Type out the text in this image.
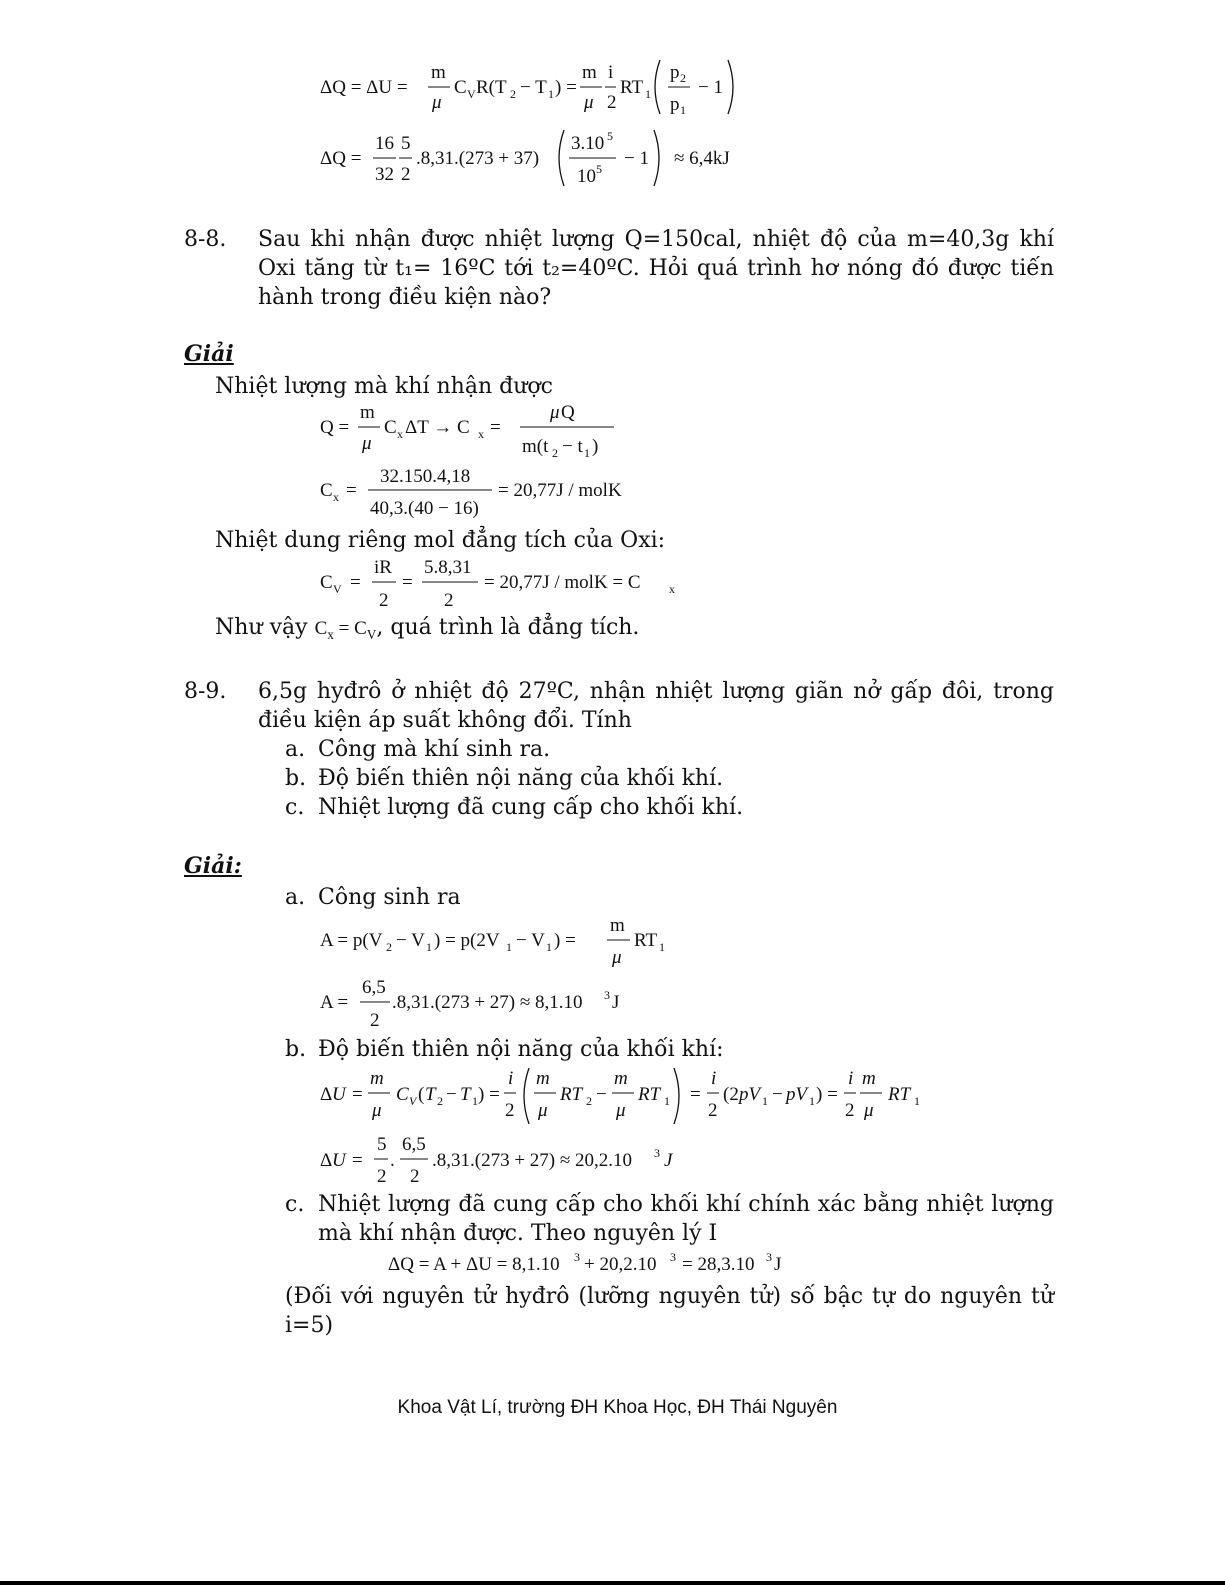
ΔQ = ΔU =
m
μ
C V R(T 2 − T 1 ) =
m
μ
i
2
RT 1
p 2
p 1
− 1
ΔQ =
16
32
5
2
.8,31.(273 + 37)
3.10 5
10 5 − 1 ≈ 6,4kJ
8-8. Sau khi nhận được nhiệt lượng Q=150cal, nhiệt độ của m=40,3g khí Oxi tăng từ t₁= 16ºC tới t₂=40ºC. Hỏi quá trình hơ nóng đó được tiến hành trong điều kiện nào?
Giải
Nhiệt lượng mà khí nhận được
Q =
m
μ
C x ΔT → C x =
μ Q
m(t 2 − t 1 )
C x =
32.150.4,18
40,3.(40 − 16)
= 20,77J / molK
Nhiệt dung riêng mol đẳng tích của Oxi:
C V =
iR
2
=
5.8,31
2
= 20,77J / molK = C x
Như vậy $C_x = C_V$, quá trình là đẳng tích.
8-9. 6,5g hyđrô ở nhiệt độ 27ºC, nhận nhiệt lượng giãn nở gấp đôi, trong điều kiện áp suất không đổi. Tính
a. Công mà khí sinh ra.
b. Độ biến thiên nội năng của khối khí.
c. Nhiệt lượng đã cung cấp cho khối khí.
Giải:
a. Công sinh ra
A = p(V 2 − V 1 ) = p(2V 1 − V 1 ) =
m
μ
RT 1
A =
6,5
2
.8,31.(273 + 27) ≈ 8,1.10 3 J
b. Độ biến thiên nội năng của khối khí:
Δ U =
m
μ
C V ( T 2 − T 1 ) =
i
2
m
μ
RT 2 −
m
μ
RT 1 =
i
2
(2 pV 1 − pV 1 ) =
i
2
m
μ
RT 1
Δ U =
5
2
.
6,5
2
.8,31.(273 + 27) ≈ 20,2.10 3 J
c. Nhiệt lượng đã cung cấp cho khối khí chính xác bằng nhiệt lượng mà khí nhận được. Theo nguyên lý I
ΔQ = A + ΔU = 8,1.10 3 + 20,2.10 3 = 28,3.10 3 J
(Đối với nguyên tử hyđrô (lưỡng nguyên tử) số bậc tự do nguyên tử i=5)
Khoa Vật Lí, trường ĐH Khoa Học, ĐH Thái Nguyên
